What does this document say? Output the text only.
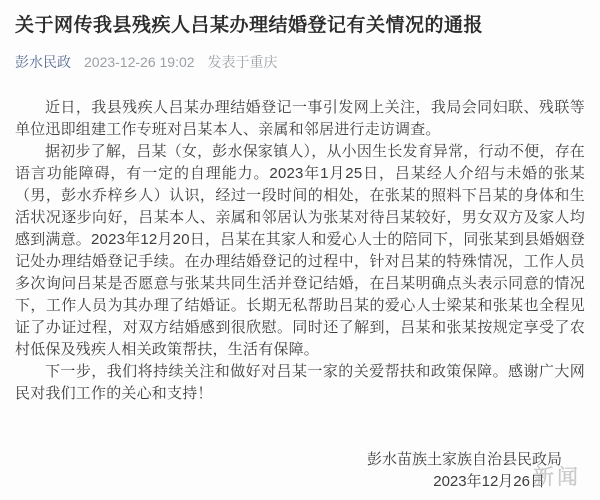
关于网传我县残疾人吕某办理结婚登记有关情况的通报
彭水民政 2023-12-26 19:02 发表于重庆

近日，我县残疾人吕某办理结婚登记一事引发网上关注，我局会同妇联、残联等单位迅即组建工作专班对吕某本人、亲属和邻居进行走访调查。

据初步了解，吕某（女，彭水保家镇人），从小因生长发育异常，行动不便，存在语言功能障碍，有一定的自理能力。2023年1月25日，吕某经人介绍与未婚的张某（男，彭水乔梓乡人）认识，经过一段时间的相处，在张某的照料下吕某的身体和生活状况逐步向好，吕某本人、亲属和邻居认为张某对待吕某较好，男女双方及家人均感到满意。2023年12月20日，吕某在其家人和爱心人士的陪同下，同张某到县婚姻登记处办理结婚登记手续。在办理结婚登记的过程中，针对吕某的特殊情况，工作人员多次询问吕某是否愿意与张某共同生活并登记结婚，在吕某明确点头表示同意的情况下，工作人员为其办理了结婚证。长期无私帮助吕某的爱心人士梁某和张某也全程见证了办证过程，对双方结婚感到很欣慰。同时还了解到，吕某和张某按规定享受了农村低保及残疾人相关政策帮扶，生活有保障。

下一步，我们将持续关注和做好对吕某一家的关爱帮扶和政策保障。感谢广大网民对我们工作的关心和支持！

彭水苗族土家族自治县民政局
2023年12月26日
新闻
